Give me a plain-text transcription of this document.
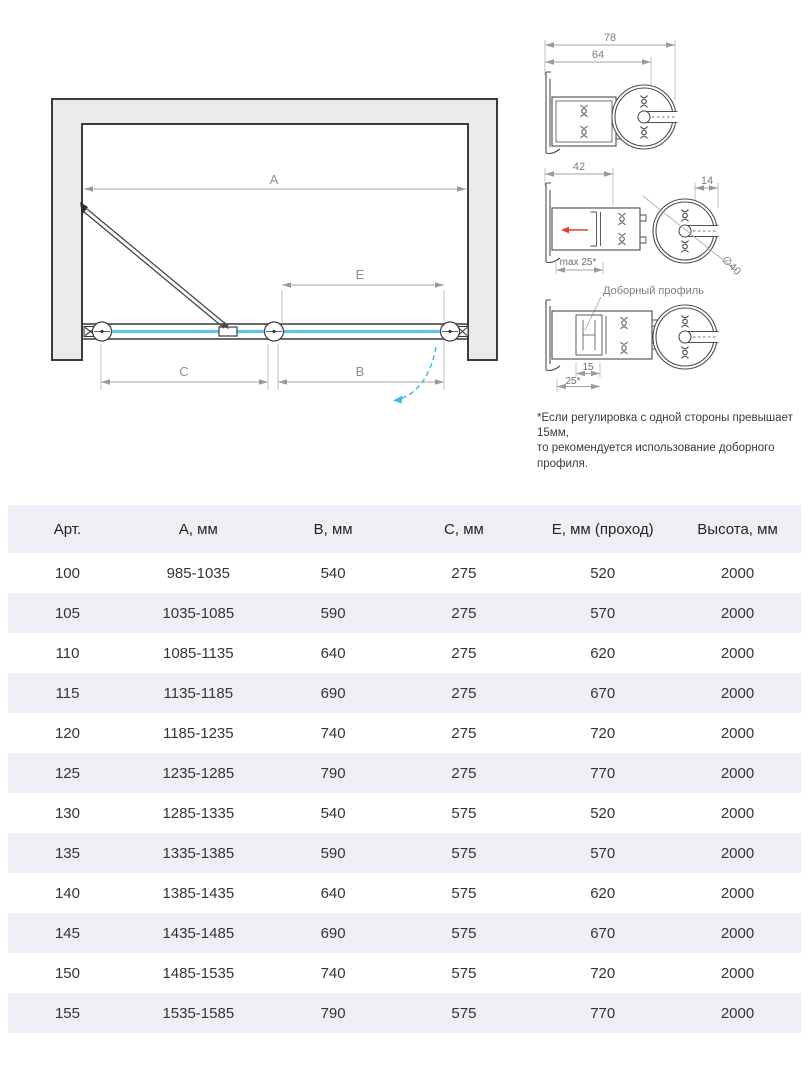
A
E
C	B
78
64
42
14
max 25*	∅40
Доборный профиль
15
25*
*Если регулировка с одной стороны превышает 15мм,
то рекомендуется использование доборного профиля.
Арт.	А, мм	В, мм	С, мм	Е, мм (проход)	Высота, мм
100	985-1035	540	275	520	2000
105	1035-1085	590	275	570	2000
110	1085-1135	640	275	620	2000
115	1135-1185	690	275	670	2000
120	1185-1235	740	275	720	2000
125	1235-1285	790	275	770	2000
130	1285-1335	540	575	520	2000
135	1335-1385	590	575	570	2000
140	1385-1435	640	575	620	2000
145	1435-1485	690	575	670	2000
150	1485-1535	740	575	720	2000
155	1535-1585	790	575	770	2000
